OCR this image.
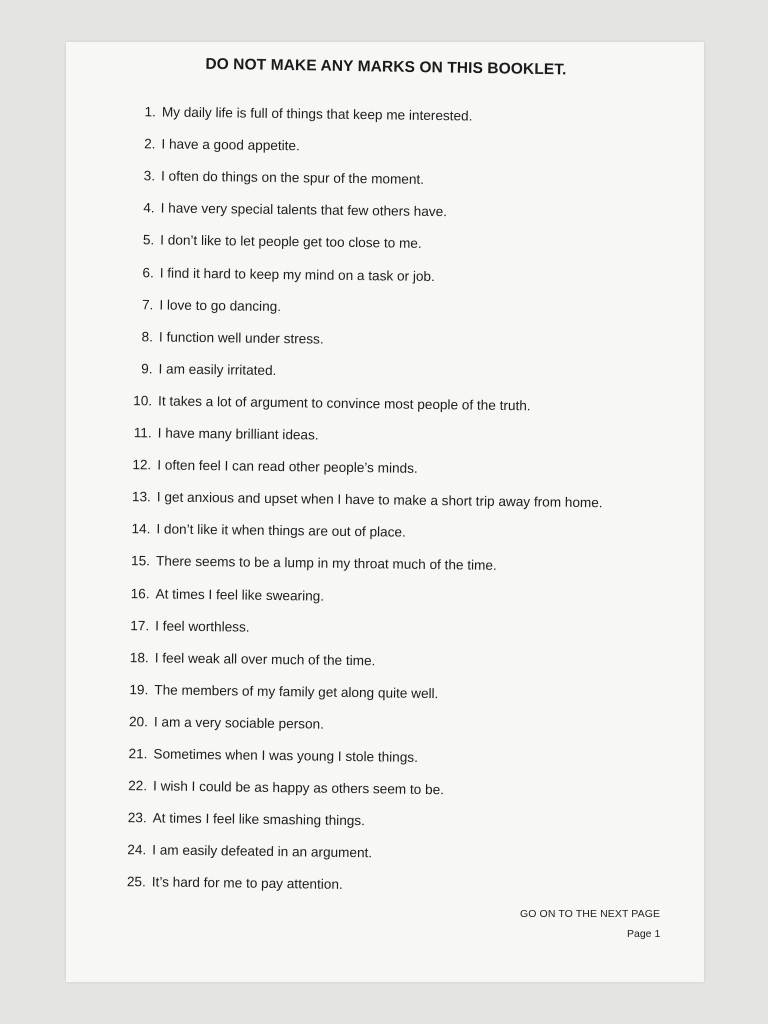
DO NOT MAKE ANY MARKS ON THIS BOOKLET.
1. My daily life is full of things that keep me interested.
2. I have a good appetite.
3. I often do things on the spur of the moment.
4. I have very special talents that few others have.
5. I don’t like to let people get too close to me.
6. I find it hard to keep my mind on a task or job.
7. I love to go dancing.
8. I function well under stress.
9. I am easily irritated.
10. It takes a lot of argument to convince most people of the truth.
11. I have many brilliant ideas.
12. I often feel I can read other people’s minds.
13. I get anxious and upset when I have to make a short trip away from home.
14. I don’t like it when things are out of place.
15. There seems to be a lump in my throat much of the time.
16. At times I feel like swearing.
17. I feel worthless.
18. I feel weak all over much of the time.
19. The members of my family get along quite well.
20. I am a very sociable person.
21. Sometimes when I was young I stole things.
22. I wish I could be as happy as others seem to be.
23. At times I feel like smashing things.
24. I am easily defeated in an argument.
25. It’s hard for me to pay attention.
GO ON TO THE NEXT PAGE
Page 1
